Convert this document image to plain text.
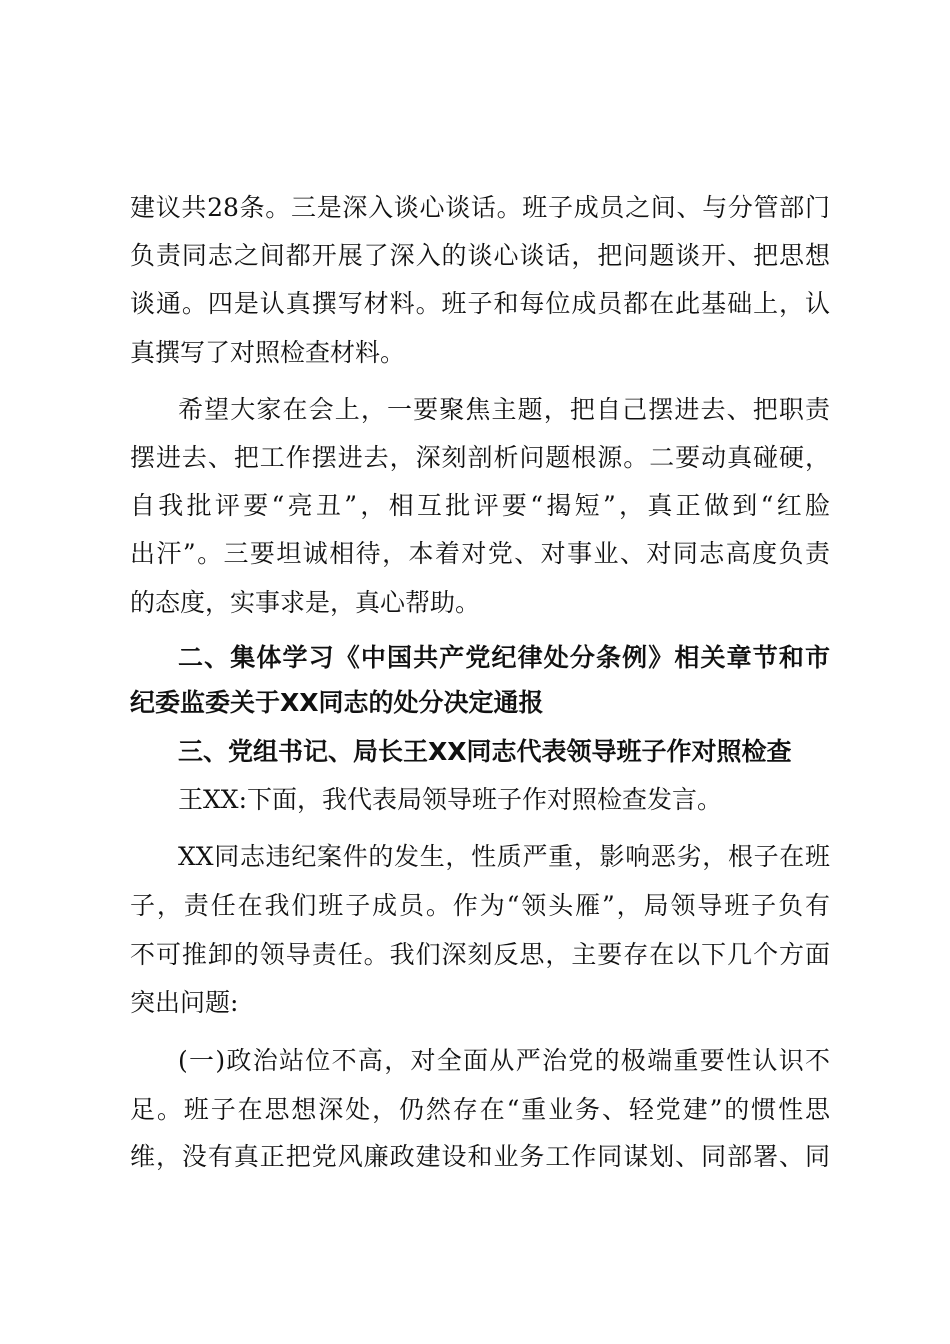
建议共28条。三是深入谈心谈话。班子成员之间、与分管部门
负责同志之间都开展了深入的谈心谈话，把问题谈开、把思想
谈通。四是认真撰写材料。班子和每位成员都在此基础上，认
真撰写了对照检查材料。
希望大家在会上，一要聚焦主题，把自己摆进去、把职责
摆进去、把工作摆进去，深刻剖析问题根源。二要动真碰硬，
自我批评要“亮丑”，相互批评要“揭短”，真正做到“红脸
出汗”。三要坦诚相待，本着对党、对事业、对同志高度负责
的态度，实事求是，真心帮助。
二、集体学习《中国共产党纪律处分条例》相关章节和市
纪委监委关于XX同志的处分决定通报
三、党组书记、局长王XX同志代表领导班子作对照检查
王XX:下面，我代表局领导班子作对照检查发言。
XX同志违纪案件的发生，性质严重，影响恶劣，根子在班
子，责任在我们班子成员。作为“领头雁”，局领导班子负有
不可推卸的领导责任。我们深刻反思，主要存在以下几个方面
突出问题:
(一)政治站位不高，对全面从严治党的极端重要性认识不
足。班子在思想深处，仍然存在“重业务、轻党建”的惯性思
维，没有真正把党风廉政建设和业务工作同谋划、同部署、同
